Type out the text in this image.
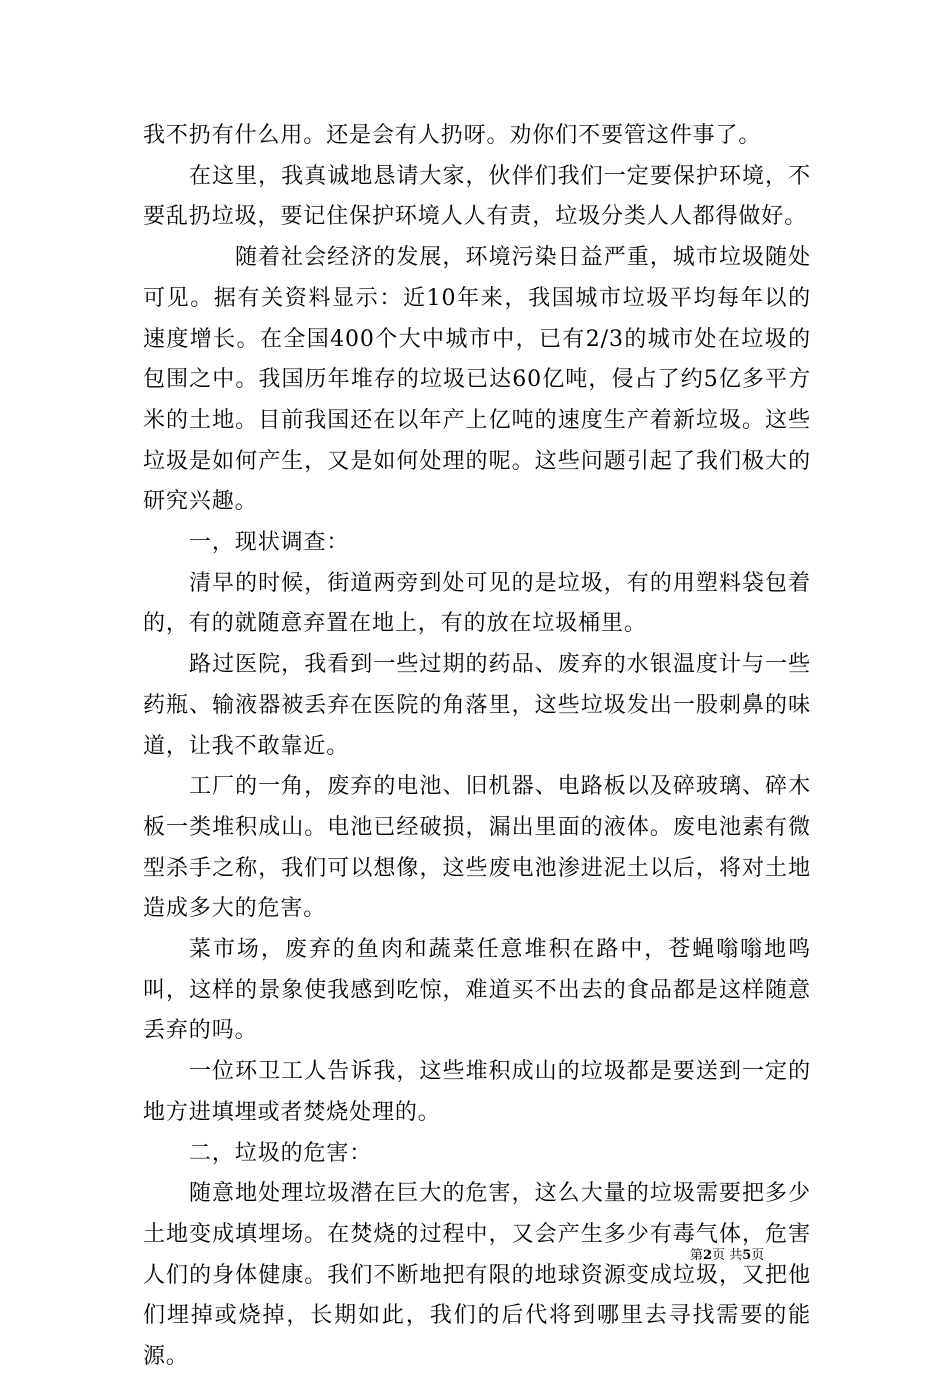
我不扔有什么用。还是会有人扔呀。劝你们不要管这件事了。

在这里，我真诚地恳请大家，伙伴们我们一定要保护环境，不要乱扔垃圾，要记住保护环境人人有责，垃圾分类人人都得做好。

随着社会经济的发展，环境污染日益严重，城市垃圾随处可见。据有关资料显示：近10年来，我国城市垃圾平均每年以的速度增长。在全国400个大中城市中，已有2/3的城市处在垃圾的包围之中。我国历年堆存的垃圾已达60亿吨，侵占了约5亿多平方米的土地。目前我国还在以年产上亿吨的速度生产着新垃圾。这些垃圾是如何产生，又是如何处理的呢。这些问题引起了我们极大的研究兴趣。

一，现状调查：

清早的时候，街道两旁到处可见的是垃圾，有的用塑料袋包着的，有的就随意弃置在地上，有的放在垃圾桶里。

路过医院，我看到一些过期的药品、废弃的水银温度计与一些药瓶、输液器被丢弃在医院的角落里，这些垃圾发出一股刺鼻的味道，让我不敢靠近。

工厂的一角，废弃的电池、旧机器、电路板以及碎玻璃、碎木板一类堆积成山。电池已经破损，漏出里面的液体。废电池素有微型杀手之称，我们可以想像，这些废电池渗进泥土以后，将对土地造成多大的危害。

菜市场，废弃的鱼肉和蔬菜任意堆积在路中，苍蝇嗡嗡地鸣叫，这样的景象使我感到吃惊，难道买不出去的食品都是这样随意丢弃的吗。

一位环卫工人告诉我，这些堆积成山的垃圾都是要送到一定的地方进填埋或者焚烧处理的。

二，垃圾的危害：

随意地处理垃圾潜在巨大的危害，这么大量的垃圾需要把多少土地变成填埋场。在焚烧的过程中，又会产生多少有毒气体，危害人们的身体健康。我们不断地把有限的地球资源变成垃圾，又把他们埋掉或烧掉，长期如此，我们的后代将到哪里去寻找需要的能源。

第2页 共5页
